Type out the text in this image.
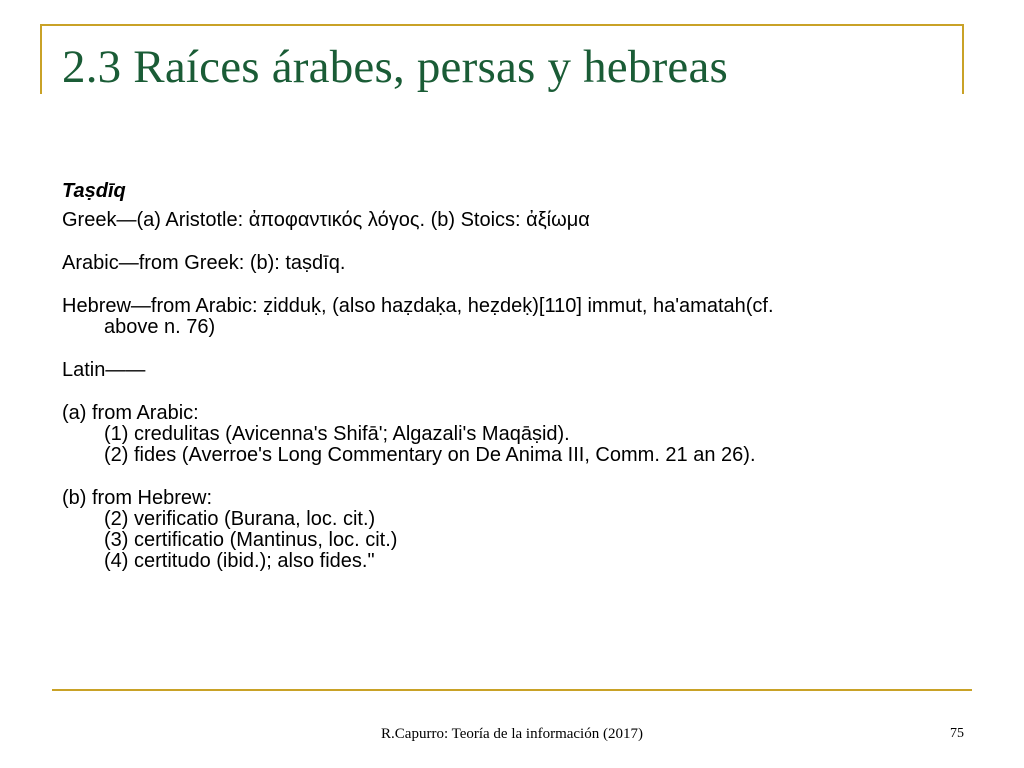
2.3 Raíces árabes, persas y hebreas
Taṣdīq
Greek—(a) Aristotle: ἀποφαντικός λόγος. (b) Stoics: ἀξίωμα
Arabic—from Greek: (b): taṣdīq.
Hebrew—from Arabic: ẓidduḳ, (also haẓdaḳa, heẓdeḳ)[110] immut, ha'amatah(cf.
above n. 76)
Latin——
(a) from Arabic:
(1) credulitas (Avicenna's Shifā'; Algazali's Maqāṣid).
(2) fides (Averroe's Long Commentary on De Anima III, Comm. 21 an 26).
(b) from Hebrew:
(2) verificatio (Burana, loc. cit.)
(3) certificatio (Mantinus, loc. cit.)
(4) certitudo (ibid.); also fides."
R.Capurro: Teoría de la información (2017)	75
